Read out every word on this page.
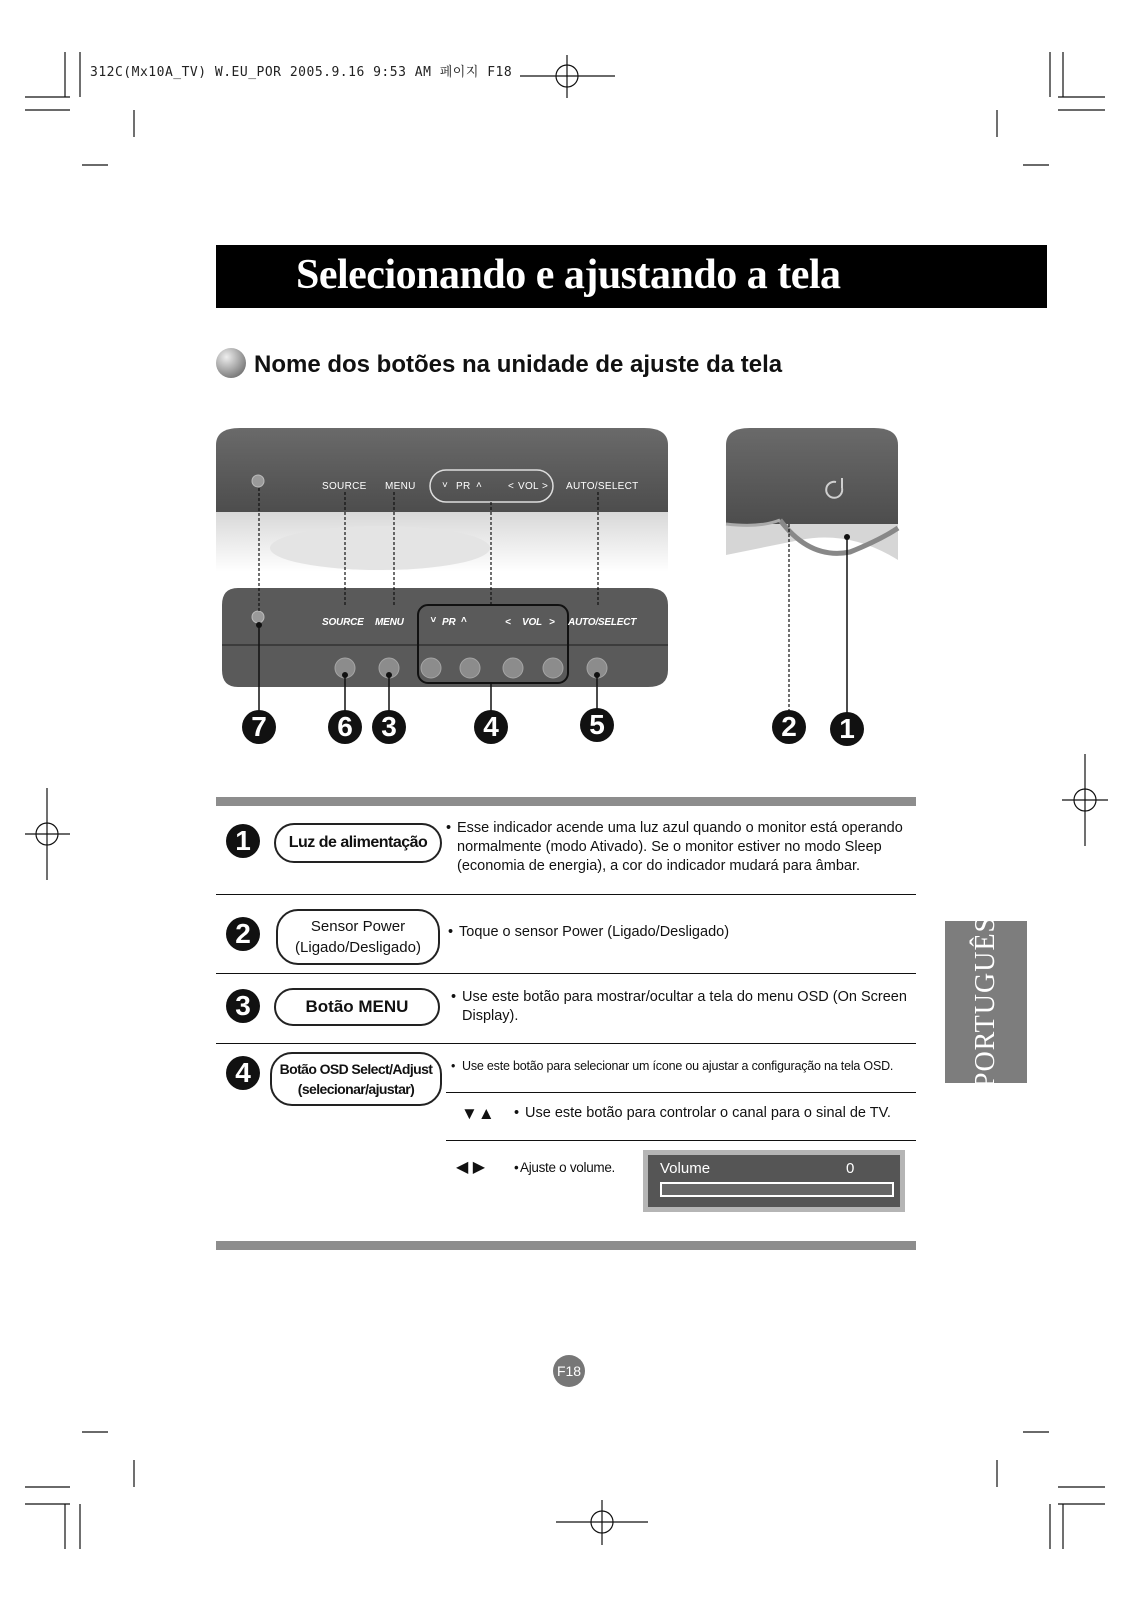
312C(Mx10A_TV) W.EU_POR 2005.9.16 9:53 AM 페이지 F18
Selecionando e ajustando a tela
Nome dos botões na unidade de ajuste da tela
SOURCE MENU	˅ PR ˄	< VOL > AUTO/SELECT
SOURCE MENU	˅ PR ˄	< VOL > AUTO/SELECT
7	6	3	4	5	2	1
1	Luz de alimentação
• Esse indicador acende uma luz azul quando o monitor está operando normalmente (modo Ativado). Se o monitor estiver no modo Sleep (economia de energia), a cor do indicador mudará para âmbar.
2	Sensor Power
(Ligado/Desligado)
• Toque o sensor Power (Ligado/Desligado)
3	Botão MENU	• Use este botão para mostrar/ocultar a tela do menu OSD (On Screen Display).
4	Botão OSD Select/Adjust
(selecionar/ajustar)
• Use este botão para selecionar um ícone ou ajustar a configuração na tela OSD.
▼▲ • Use este botão para controlar o canal para o sinal de TV.
◀ ▶ • Ajuste o volume.	Volume	0
PORTUGUÊS
F18
